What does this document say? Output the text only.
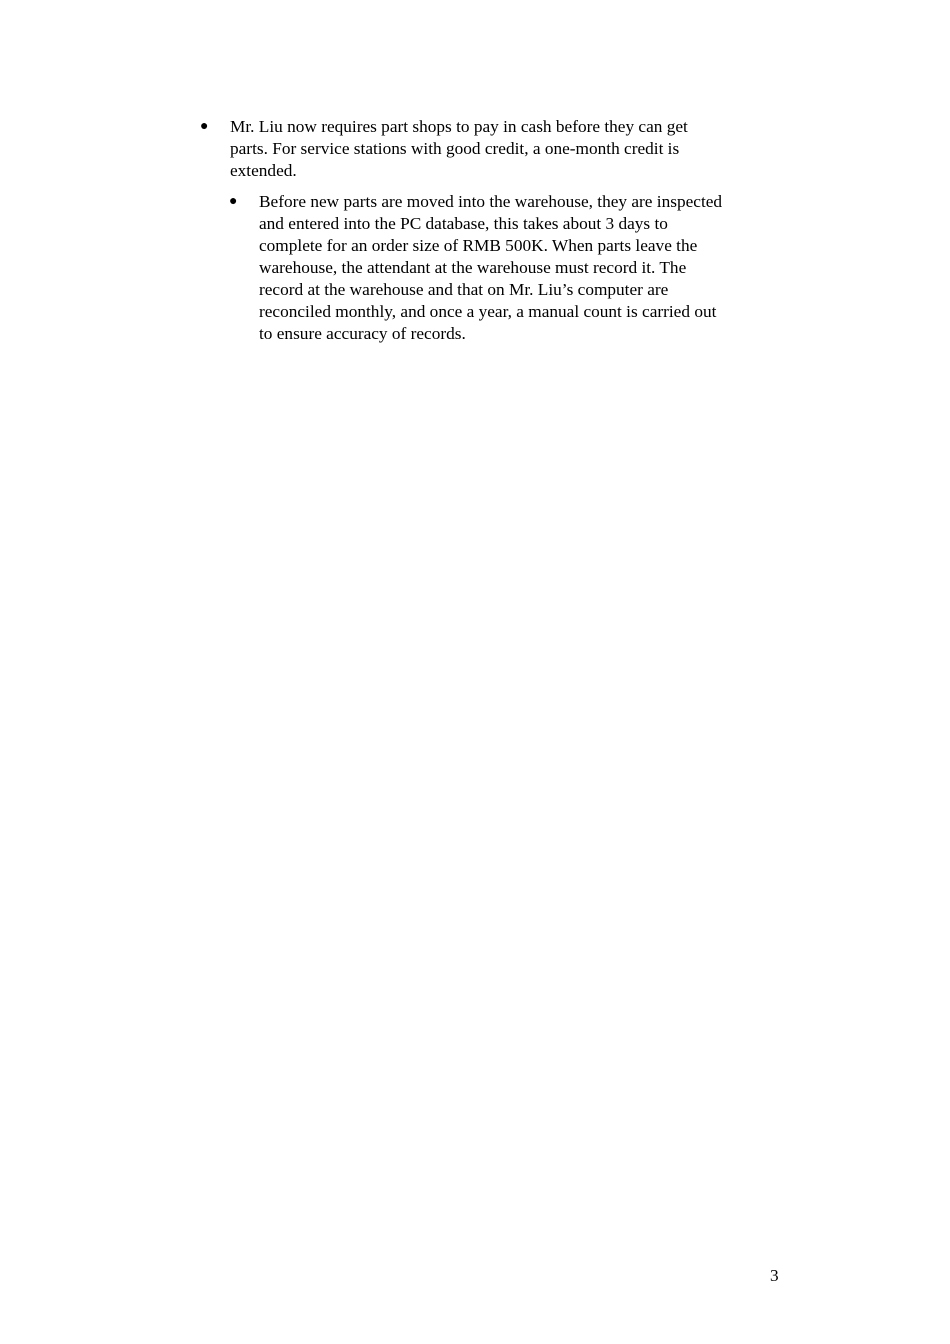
● Mr. Liu now requires part shops to pay in cash before they can get
parts. For service stations with good credit, a one-month credit is
extended.
● Before new parts are moved into the warehouse, they are inspected
and entered into the PC database, this takes about 3 days to
complete for an order size of RMB 500K. When parts leave the
warehouse, the attendant at the warehouse must record it. The
record at the warehouse and that on Mr. Liu’s computer are
reconciled monthly, and once a year, a manual count is carried out
to ensure accuracy of records.
3
